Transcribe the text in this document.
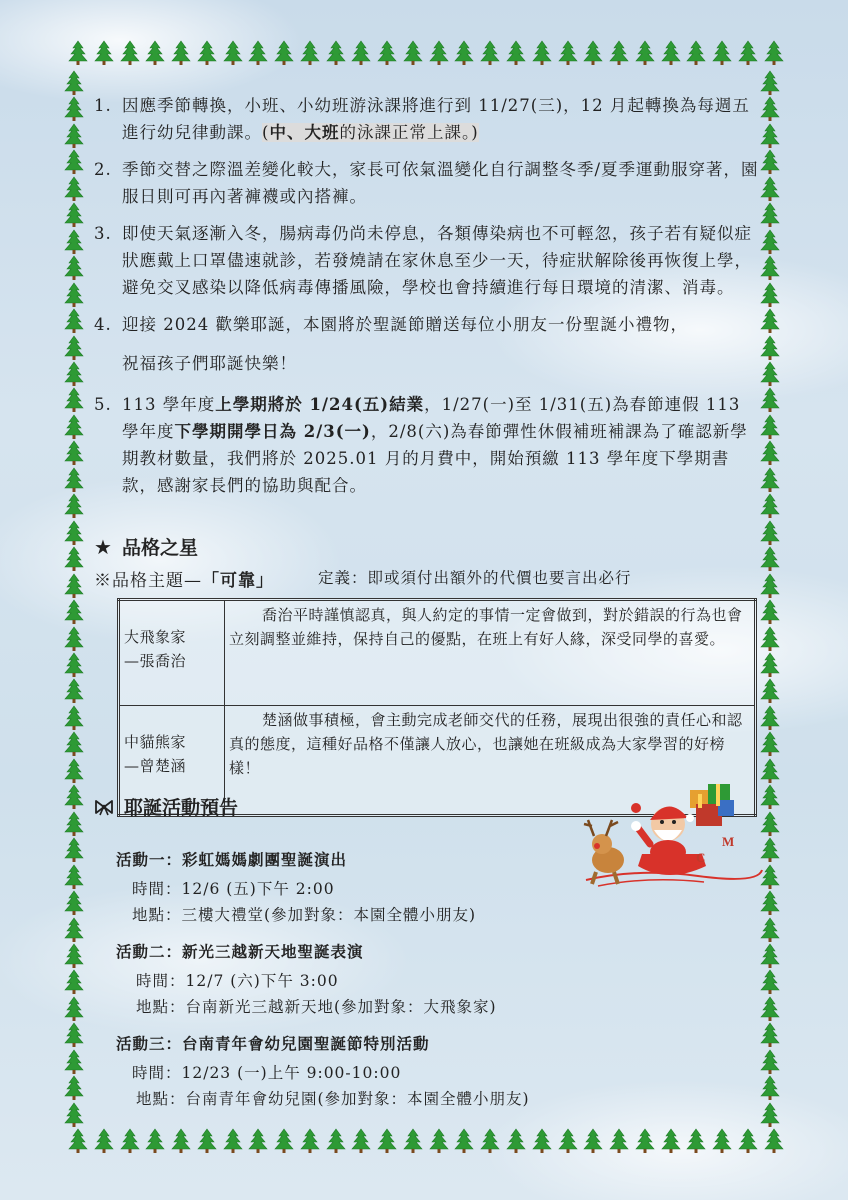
1. 因應季節轉換，小班、小幼班游泳課將進行到 11/27(三)，12 月起轉換為每週五進行幼兒律動課。(中、大班的泳課正常上課。)
2. 季節交替之際溫差變化較大，家長可依氣溫變化自行調整冬季/夏季運動服穿著，園服日則可再內著褲襪或內搭褲。
3. 即使天氣逐漸入冬，腸病毒仍尚未停息，各類傳染病也不可輕忽，孩子若有疑似症狀應戴上口罩儘速就診，若發燒請在家休息至少一天，待症狀解除後再恢復上學，避免交叉感染以降低病毒傳播風險，學校也會持續進行每日環境的清潔、消毒。
4. 迎接 2024 歡樂耶誕，本園將於聖誕節贈送每位小朋友一份聖誕小禮物，
祝福孩子們耶誕快樂！
5. 113 學年度上學期將於 1/24(五)結業，1/27(一)至 1/31(五)為春節連假 113 學年度下學期開學日為 2/3(一)，2/8(六)為春節彈性休假補班補課為了確認新學期教材數量，我們將於 2025.01 月的月費中，開始預繳 113 學年度下學期書款，感謝家長們的協助與配合。
★ 品格之星
※品格主題— 「可靠」	定義：即或須付出額外的代價也要言出必行
大飛象家
—張喬治	喬治平時謹慎認真，與人約定的事情一定會做到，對於錯誤的行為也會立刻調整並維持，保持自己的優點，在班上有好人緣，深受同學的喜愛。

中貓熊家
—曾楚涵	楚涵做事積極，會主動完成老師交代的任務，展現出很強的責任心和認真的態度，這種好品格不僅讓人放心，也讓她在班級成為大家學習的好榜樣！
耶誕活動預告
活動一：彩虹媽媽劇團聖誕演出
時間：12/6 (五)下午 2:00
地點：三樓大禮堂(參加對象：本園全體小朋友)
活動二：新光三越新天地聖誕表演
時間：12/7 (六)下午 3:00
地點：台南新光三越新天地(參加對象：大飛象家)
活動三：台南青年會幼兒園聖誕節特別活動
時間：12/23 (一)上午 9:00-10:00
地點：台南青年會幼兒園(參加對象：本園全體小朋友)
M
C
